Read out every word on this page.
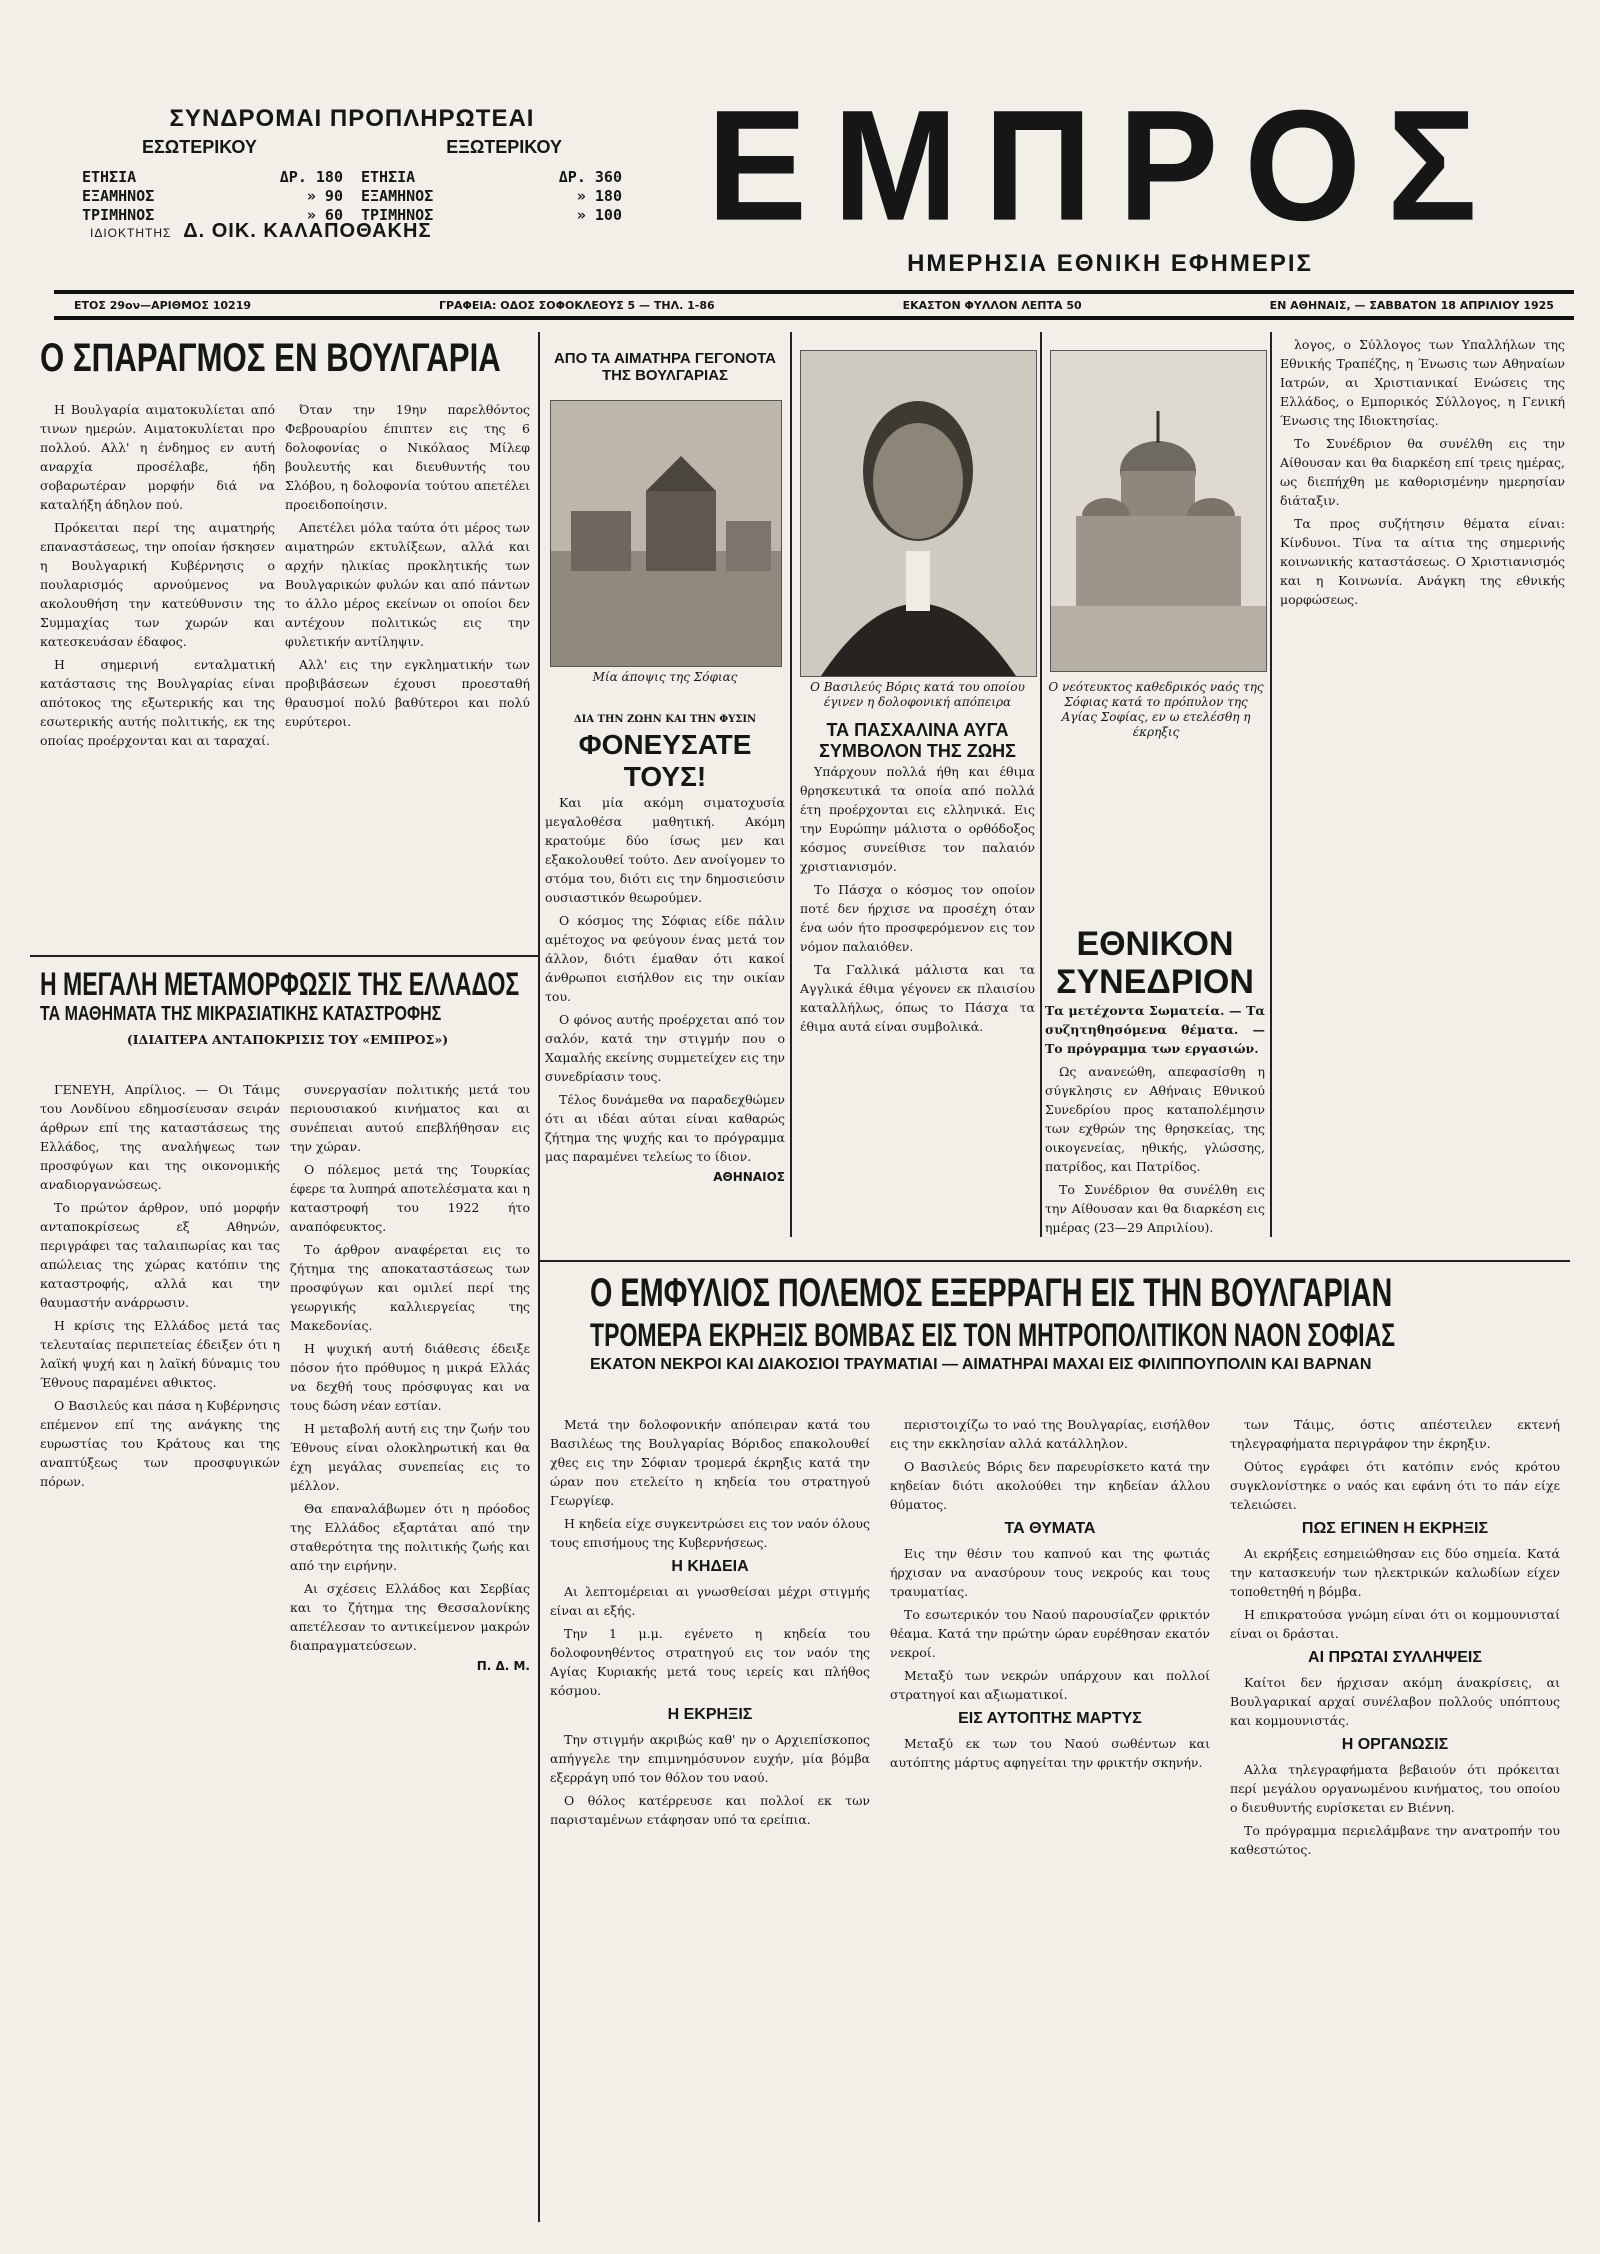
ΣΥΝΔΡΟΜΑΙ ΠΡΟΠΛΗΡΩΤΕΑΙ
ΕΣΩΤΕΡΙΚΟΥ	ΕΞΩΤΕΡΙΚΟΥ
ΕΤΗΣΙΑ	ΔΡ. 180 ΕΤΗΣΙΑ	ΔΡ. 360
ΕΞΑΜΗΝΟΣ	» 90 ΕΞΑΜΗΝΟΣ	» 180
ΤΡΙΜΗΝΟΣ	» 60 ΤΡΙΜΗΝΟΣ	» 100
ΙΔΙΟΚΤΗΤΗΣ Δ. ΟΙΚ. ΚΑΛΑΠΟΘΑΚΗΣ ΕΜΠΡΟΣ
ΗΜΕΡΗΣΙΑ ΕΘΝΙΚΗ ΕΦΗΜΕΡΙΣ
ΕΤΟΣ 29ον—ΑΡΙΘΜΟΣ 10219	ΓΡΑΦΕΙΑ: ΟΔΟΣ ΣΟΦΟΚΛΕΟΥΣ 5 — ΤΗΛ. 1-86	ΕΚΑΣΤΟΝ ΦΥΛΛΟΝ ΛΕΠΤΑ 50	ΕΝ ΑΘΗΝΑΙΣ, — ΣΑΒΒΑΤΟΝ 18 ΑΠΡΙΛΙΟΥ 1925
Ο ΣΠΑΡΑΓΜΟΣ ΕΝ ΒΟΥΛΓΑΡΙΑ

Η Βουλγαρία αιματοκυλίεται από τινων ημερών. Αιματοκυλίεται προ πολλού. Αλλ' η ένδημος εν αυτή αναρχία προσέλαβε, ήδη σοβαρωτέραν μορφήν διά να καταλήξη άδηλον πού.

Πρόκειται περί της αιματηρής επαναστάσεως, την οποίαν ήσκησεν η Βουλγαρική Κυβέρνησις ο πουλαρισμός αρνούμενος να ακολουθήση την κατεύθυνσιν της Συμμαχίας των χωρών και κατεσκευάσαν έδαφος.

Η σημερινή ενταλματική κατάστασις της Βουλγαρίας είναι απότοκος της εξωτερικής και της εσωτερικής αυτής πολιτικής, εκ της οποίας προέρχονται και αι ταραχαί.

Όταν την 19ην παρελθόντος Φεβρουαρίου έπιπτεν εις της 6 δολοφονίας ο Νικόλαος Μίλεφ βουλευτής και διευθυντής του Σλόβου, η δολοφονία τούτου απετέλει προειδοποίησιν.

Απετέλει μόλα ταύτα ότι μέρος των αιματηρών εκτυλίξεων, αλλά και αρχήν ηλικίας προκλητικής των Βουλγαρικών φυλών και από πάντων το άλλο μέρος εκείνων οι οποίοι δεν αντέχουν πολιτικώς εις την φυλετικήν αντίληψιν.

Αλλ' εις την εγκληματικήν των προβιβάσεων έχουσι προεσταθή θραυσμοί πολύ βαθύτεροι και πολύ ευρύτεροι.

ΑΠΟ ΤΑ ΑΙΜΑΤΗΡΑ ΓΕΓΟΝΟΤΑ ΤΗΣ ΒΟΥΛΓΑΡΙΑΣ
Μία άποψις της Σόφιας
Ο Βασιλεύς Βόρις κατά του οποίου έγινεν η δολοφονική απόπειρα
Ο νεότευκτος καθεδρικός ναός της Σόφιας κατά το πρόπυλον της Αγίας Σοφίας, εν ω ετελέσθη η έκρηξις
ΔΙΑ ΤΗΝ ΖΩΗΝ ΚΑΙ ΤΗΝ ΦΥΣΙΝ
ΦΟΝΕΥΣΑΤΕ ΤΟΥΣ!

Και μία ακόμη σιματοχυσία μεγαλοθέσα μαθητική. Ακόμη κρατούμε δύο ίσως μεν και εξακολουθεί τούτο. Δεν ανοίγομεν το στόμα του, διότι εις την δημοσιεύσιν ουσιαστικόν θεωρούμεν.

Ο κόσμος της Σόφιας είδε πάλιν αμέτοχος να φεύγουν ένας μετά τον άλλον, διότι έμαθαν ότι κακοί άνθρωποι εισήλθον εις την οικίαν του.

Ο φόνος αυτής προέρχεται από τον σαλόν, κατά την στιγμήν που ο Χαμαλής εκείνης συμμετείχεν εις την συνεδρίασιν τους.

Τέλος δυνάμεθα να παραδεχθώμεν ότι αι ιδέαι αύται είναι καθαρώς ζήτημα της ψυχής και το πρόγραμμα μας παραμένει τελείως το ίδιον.

ΑΘΗΝΑΙΟΣ
ΤΑ ΠΑΣΧΑΛΙΝΑ ΑΥΓΑ ΣΥΜΒΟΛΟΝ ΤΗΣ ΖΩΗΣ

Υπάρχουν πολλά ήθη και έθιμα θρησκευτικά τα οποία από πολλά έτη προέρχονται εις ελληνικά. Εις την Ευρώπην μάλιστα ο ορθόδοξος κόσμος συνείθισε τον παλαιόν χριστιανισμόν.

Το Πάσχα ο κόσμος τον οποίον ποτέ δεν ήρχισε να προσέχη όταν ένα ωόν ήτο προσφερόμενον εις τον νόμον παλαιόθεν.

Τα Γαλλικά μάλιστα και τα Αγγλικά έθιμα γέγονεν εκ πλαισίου καταλλήλως, όπως το Πάσχα τα έθιμα αυτά είναι συμβολικά.

ΕΘΝΙΚΟΝ ΣΥΝΕΔΡΙΟΝ

Τα μετέχοντα Σωματεία. — Τα συζητηθησόμενα θέματα. — Το πρόγραμμα των εργασιών.

Ως ανανεώθη, απεφασίσθη η σύγκλησις εν Αθήναις Εθνικού Συνεδρίου προς καταπολέμησιν των εχθρών της θρησκείας, της οικογενείας, ηθικής, γλώσσης, πατρίδος, και Πατρίδος.

Το Συνέδριον θα συνέλθη εις την Αίθουσαν και θα διαρκέση εις ημέρας (23—29 Απριλίου).

λογος, ο Σύλλογος των Υπαλλήλων της Εθνικής Τραπέζης, η Ένωσις των Αθηναίων Ιατρών, αι Χριστιανικαί Ενώσεις της Ελλάδος, ο Εμπορικός Σύλλογος, η Γενική Ένωσις της Ιδιοκτησίας.

Το Συνέδριον θα συνέλθη εις την Αίθουσαν και θα διαρκέση επί τρεις ημέρας, ως διεπήχθη με καθορισμένην ημερησίαν διάταξιν.

Τα προς συζήτησιν θέματα είναι: Κίνδυνοι. Τίνα τα αίτια της σημερινής κοινωνικής καταστάσεως. Ο Χριστιανισμός και η Κοινωνία. Ανάγκη της εθνικής μορφώσεως.

Η ΜΕΓΑΛΗ ΜΕΤΑΜΟΡΦΩΣΙΣ ΤΗΣ ΕΛΛΑΔΟΣ
ΤΑ ΜΑΘΗΜΑΤΑ ΤΗΣ ΜΙΚΡΑΣΙΑΤΙΚΗΣ ΚΑΤΑΣΤΡΟΦΗΣ
(ΙΔΙΑΙΤΕΡΑ ΑΝΤΑΠΟΚΡΙΣΙΣ ΤΟΥ «ΕΜΠΡΟΣ»)

ΓΕΝΕΥΗ, Απρίλιος. — Οι Τάιμς του Λονδίνου εδημοσίευσαν σειράν άρθρων επί της καταστάσεως της Ελλάδος, της αναλήψεως των προσφύγων και της οικονομικής αναδιοργανώσεως.

Το πρώτον άρθρον, υπό μορφήν ανταποκρίσεως εξ Αθηνών, περιγράφει τας ταλαιπωρίας και τας απώλειας της χώρας κατόπιν της καταστροφής, αλλά και την θαυμαστήν ανάρρωσιν.

Η κρίσις της Ελλάδος μετά τας τελευταίας περιπετείας έδειξεν ότι η λαϊκή ψυχή και η λαϊκή δύναμις του Έθνους παραμένει αθικτος.

Ο Βασιλεύς και πάσα η Κυβέρνησις επέμενον επί της ανάγκης της ευρωστίας του Κράτους και της αναπτύξεως των προσφυγικών πόρων.

συνεργασίαν πολιτικής μετά του περιουσιακού κινήματος και αι συνέπειαι αυτού επεβλήθησαν εις την χώραν.

Ο πόλεμος μετά της Τουρκίας έφερε τα λυπηρά αποτελέσματα και η καταστροφή του 1922 ήτο αναπόφευκτος.

Το άρθρον αναφέρεται εις το ζήτημα της αποκαταστάσεως των προσφύγων και ομιλεί περί της γεωργικής καλλιεργείας της Μακεδονίας.

Η ψυχική αυτή διάθεσις έδειξε πόσον ήτο πρόθυμος η μικρά Ελλάς να δεχθή τους πρόσφυγας και να τους δώση νέαν εστίαν.

Η μεταβολή αυτή εις την ζωήν του Έθνους είναι ολοκληρωτική και θα έχη μεγάλας συνεπείας εις το μέλλον.

Θα επαναλάβωμεν ότι η πρόοδος της Ελλάδος εξαρτάται από την σταθερότητα της πολιτικής ζωής και από την ειρήνην.

Αι σχέσεις Ελλάδος και Σερβίας και το ζήτημα της Θεσσαλονίκης απετέλεσαν το αντικείμενον μακρών διαπραγματεύσεων.

Π. Δ. Μ.
Ο ΕΜΦΥΛΙΟΣ ΠΟΛΕΜΟΣ ΕΞΕΡΡΑΓΗ ΕΙΣ ΤΗΝ ΒΟΥΛΓΑΡΙΑΝ
ΤΡΟΜΕΡΑ ΕΚΡΗΞΙΣ ΒΟΜΒΑΣ ΕΙΣ ΤΟΝ ΜΗΤΡΟΠΟΛΙΤΙΚΟΝ ΝΑΟΝ ΣΟΦΙΑΣ
ΕΚΑΤΟΝ ΝΕΚΡΟΙ ΚΑΙ ΔΙΑΚΟΣΙΟΙ ΤΡΑΥΜΑΤΙΑΙ — ΑΙΜΑΤΗΡΑΙ ΜΑΧΑΙ ΕΙΣ ΦΙΛΙΠΠΟΥΠΟΛΙΝ ΚΑΙ ΒΑΡΝΑΝ

Μετά την δολοφονικήν απόπειραν κατά του Βασιλέως της Βουλγαρίας Βόριδος επακολουθεί χθες εις την Σόφιαν τρομερά έκρηξις κατά την ώραν που ετελείτο η κηδεία του στρατηγού Γεωργίεφ.

Η κηδεία είχε συγκεντρώσει εις τον ναόν όλους τους επισήμους της Κυβερνήσεως.

Η ΚΗΔΕΙΑ

Αι λεπτομέρειαι αι γνωσθείσαι μέχρι στιγμής είναι αι εξής.

Την 1 μ.μ. εγένετο η κηδεία του δολοφονηθέντος στρατηγού εις τον ναόν της Αγίας Κυριακής μετά τους ιερείς και πλήθος κόσμου.

Η ΕΚΡΗΞΙΣ

Την στιγμήν ακριβώς καθ' ην ο Αρχιεπίσκοπος απήγγελε την επιμνημόσυνον ευχήν, μία βόμβα εξερράγη υπό τον θόλον του ναού.

Ο θόλος κατέρρευσε και πολλοί εκ των παρισταμένων ετάφησαν υπό τα ερείπια.

περιστοιχίζω το ναό της Βουλγαρίας, εισήλθον εις την εκκλησίαν αλλά κατάλληλον.

Ο Βασιλεύς Βόρις δεν παρευρίσκετο κατά την κηδείαν διότι ακολούθει την κηδείαν άλλου θύματος.

ΤΑ ΘΥΜΑΤΑ

Εις την θέσιν του καπνού και της φωτιάς ήρχισαν να ανασύρουν τους νεκρούς και τους τραυματίας.

Το εσωτερικόν του Ναού παρουσίαζεν φρικτόν θέαμα. Κατά την πρώτην ώραν ευρέθησαν εκατόν νεκροί.

Μεταξύ των νεκρών υπάρχουν και πολλοί στρατηγοί και αξιωματικοί.

ΕΙΣ ΑΥΤΟΠΤΗΣ ΜΑΡΤΥΣ

Μεταξύ εκ των του Ναού σωθέντων και αυτόπτης μάρτυς αφηγείται την φρικτήν σκηνήν.

των Τάιμς, όστις απέστειλεν εκτενή τηλεγραφήματα περιγράφον την έκρηξιν.

Ούτος εγράφει ότι κατόπιν ενός κρότου συγκλονίστηκε ο ναός και εφάνη ότι το πάν είχε τελειώσει.

ΠΩΣ ΕΓΙΝΕΝ Η ΕΚΡΗΞΙΣ

Αι εκρήξεις εσημειώθησαν εις δύο σημεία. Κατά την κατασκευήν των ηλεκτρικών καλωδίων είχεν τοποθετηθή η βόμβα.

Η επικρατούσα γνώμη είναι ότι οι κομμουνισταί είναι οι δράσται.

ΑΙ ΠΡΩΤΑΙ ΣΥΛΛΗΨΕΙΣ

Καίτοι δεν ήρχισαν ακόμη άνακρίσεις, αι Βουλγαρικαί αρχαί συνέλαβον πολλούς υπόπτους και κομμουνιστάς.

Η ΟΡΓΑΝΩΣΙΣ

Αλλα τηλεγραφήματα βεβαιούν ότι πρόκειται περί μεγάλου οργανωμένου κινήματος, του οποίου ο διευθυντής ευρίσκεται εν Βιέννη.

Το πρόγραμμα περιελάμβανε την ανατροπήν του καθεστώτος.
